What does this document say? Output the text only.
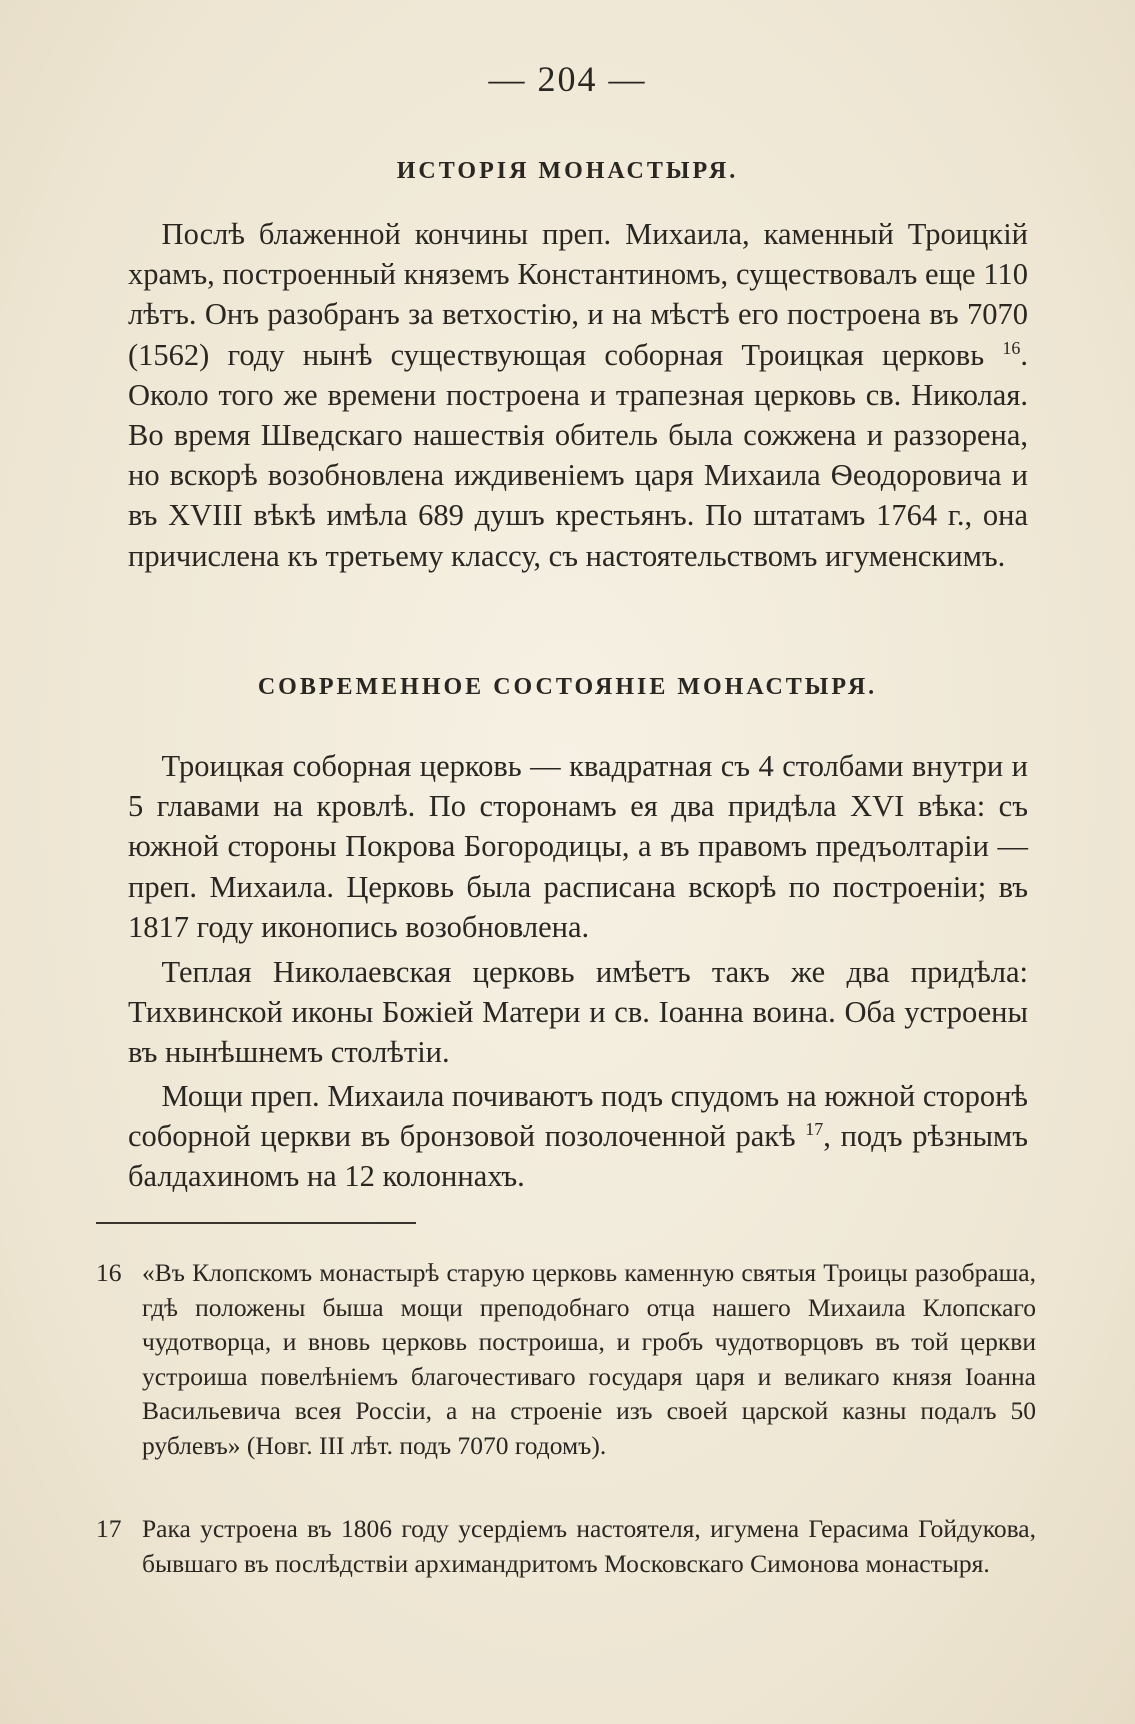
— 204 —
ИСТОРІЯ МОНАСТЫРЯ.

Послѣ блаженной кончины преп. Михаила, каменный Троицкій храмъ, построенный княземъ Константиномъ, существовалъ еще 110 лѣтъ. Онъ разобранъ за ветхостію, и на мѣстѣ его построена въ 7070 (1562) году нынѣ существующая соборная Троицкая церковь $^{16}$. Около того же времени построена и трапезная церковь св. Николая. Во время Шведскаго нашествія обитель была сожжена и раззорена, но вскорѣ возобновлена иждивеніемъ царя Михаила Ѳеодоровича и въ XVIII вѣкѣ имѣла 689 душъ крестьянъ. По штатамъ 1764 г., она причислена къ третьему классу, съ настоятельствомъ игуменскимъ.

СОВРЕМЕННОЕ СОСТОЯНІЕ МОНАСТЫРЯ.

Троицкая соборная церковь — квадратная съ 4 столбами внутри и 5 главами на кровлѣ. По сторонамъ ея два придѣла XVI вѣка: съ южной стороны Покрова Богородицы, а въ правомъ предъолтаріи — преп. Михаила. Церковь была расписана вскорѣ по построеніи; въ 1817 году иконопись возобновлена.

Теплая Николаевская церковь имѣетъ такъ же два придѣла: Тихвинской иконы Божіей Матери и св. Іоанна воина. Оба устроены въ нынѣшнемъ столѣтіи.

Мощи преп. Михаила почиваютъ подъ спудомъ на южной сторонѣ соборной церкви въ бронзовой позолоченной ракѣ $^{17}$, подъ рѣзнымъ балдахиномъ на 12 колоннахъ.

16 «Въ Клопскомъ монастырѣ старую церковь каменную святыя Троицы разобраша, гдѣ положены быша мощи преподобнаго отца нашего Михаила Клопскаго чудотворца, и вновь церковь построиша, и гробъ чудотворцовъ въ той церкви устроиша повелѣніемъ благочестиваго государя царя и великаго князя Іоанна Васильевича всея Россіи, а на строеніе изъ своей царской казны подалъ 50 рублевъ» (Новг. III лѣт. подъ 7070 годомъ).
17 Рака устроена въ 1806 году усердіемъ настоятеля, игумена Герасима Гойдукова, бывшаго въ послѣдствіи архимандритомъ Московскаго Симонова монастыря.
